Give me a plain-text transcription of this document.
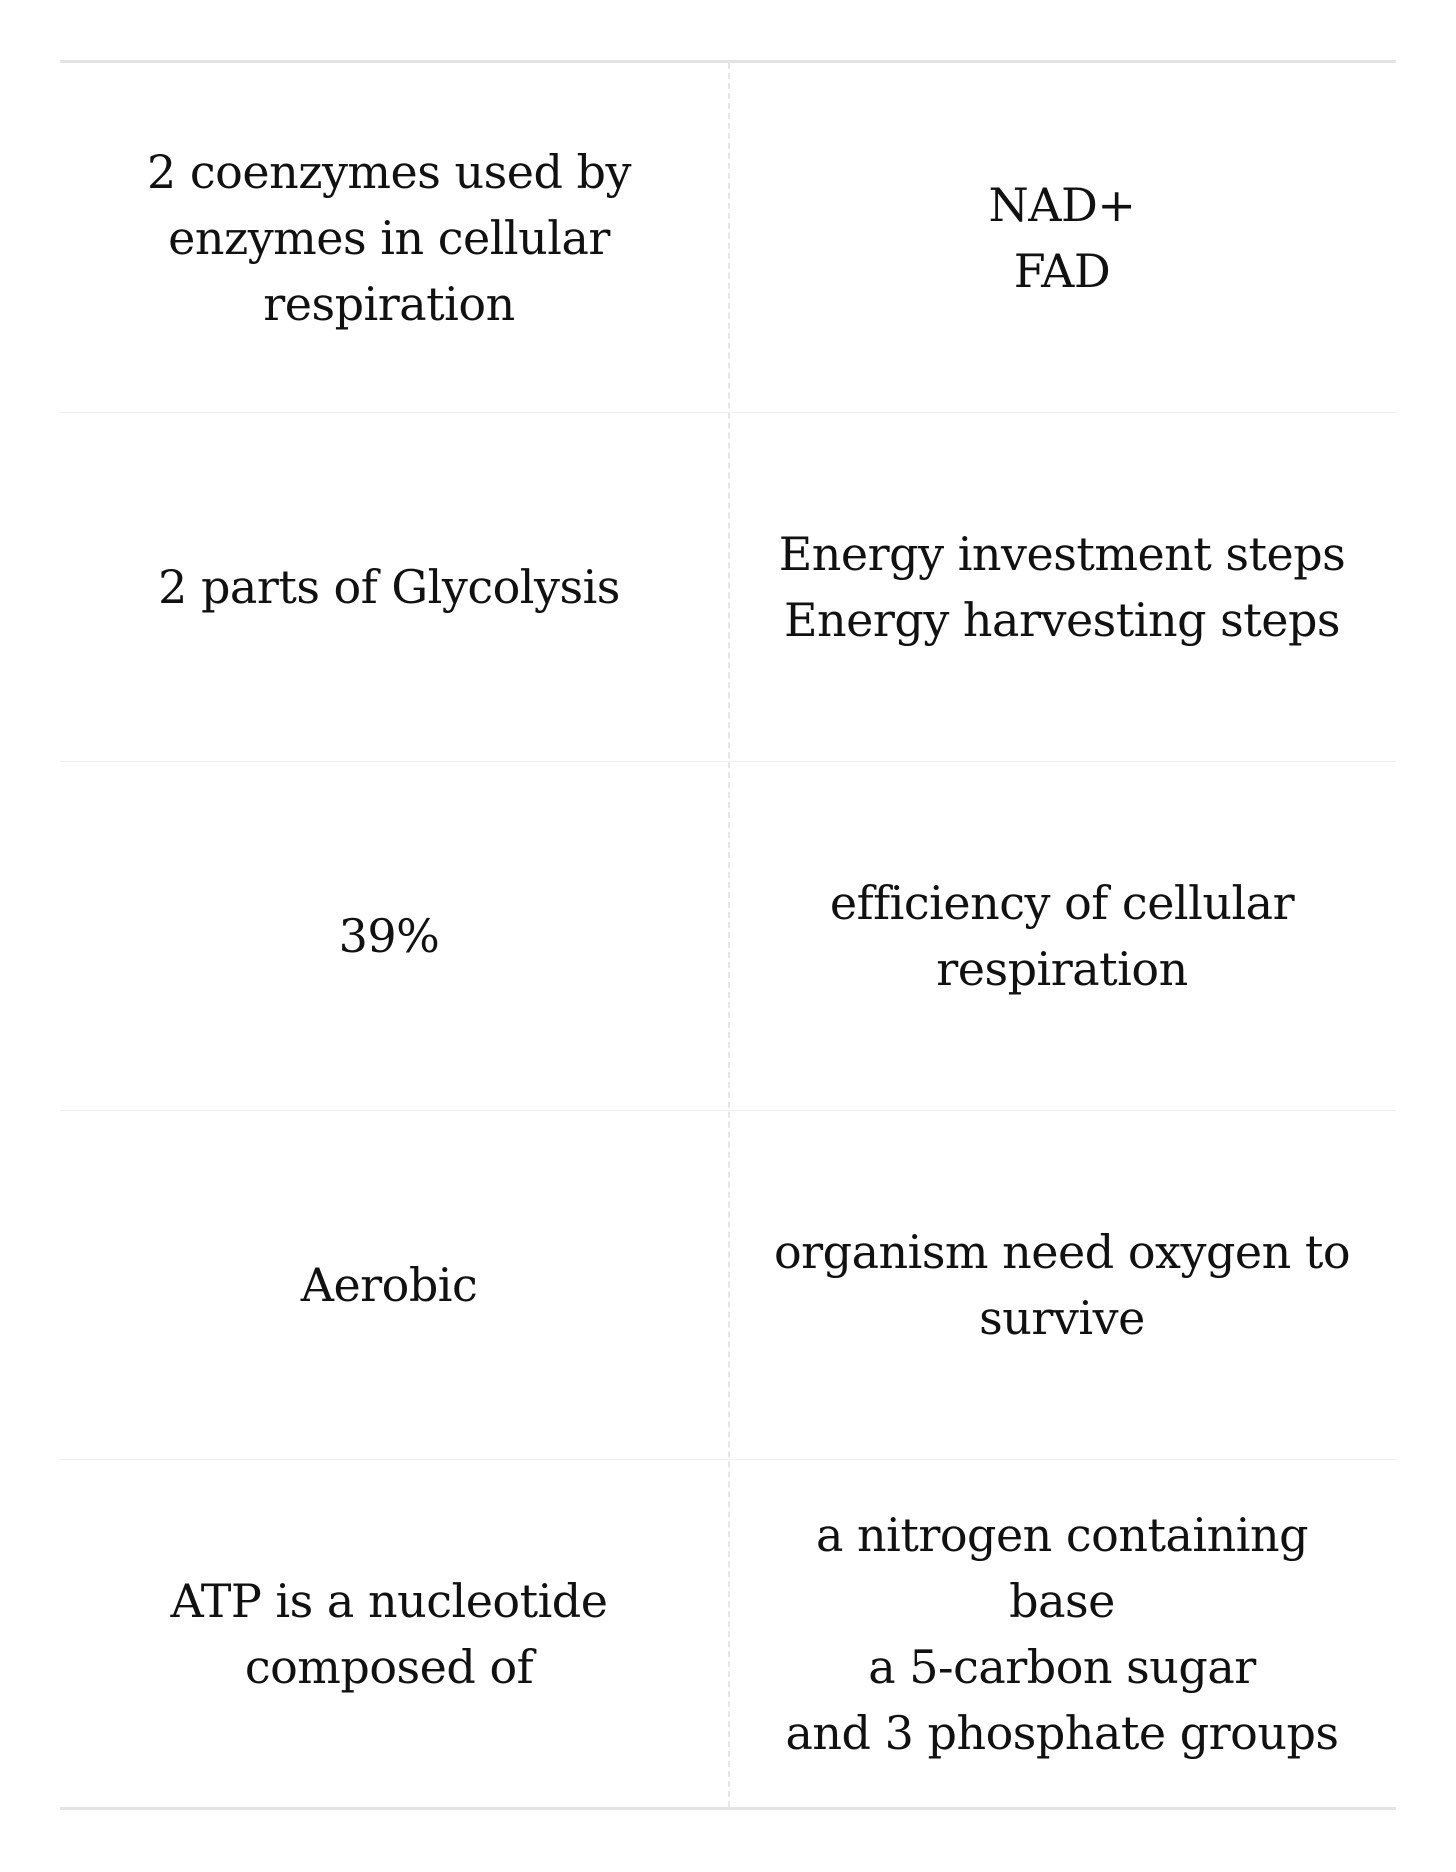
2 coenzymes used by
enzymes in cellular
respiration
NAD+
FAD
2 parts of Glycolysis
Energy investment steps
Energy harvesting steps
39%
efficiency of cellular
respiration
Aerobic
organism need oxygen to
survive
ATP is a nucleotide
composed of
a nitrogen containing base
a 5-carbon sugar
and 3 phosphate groups
